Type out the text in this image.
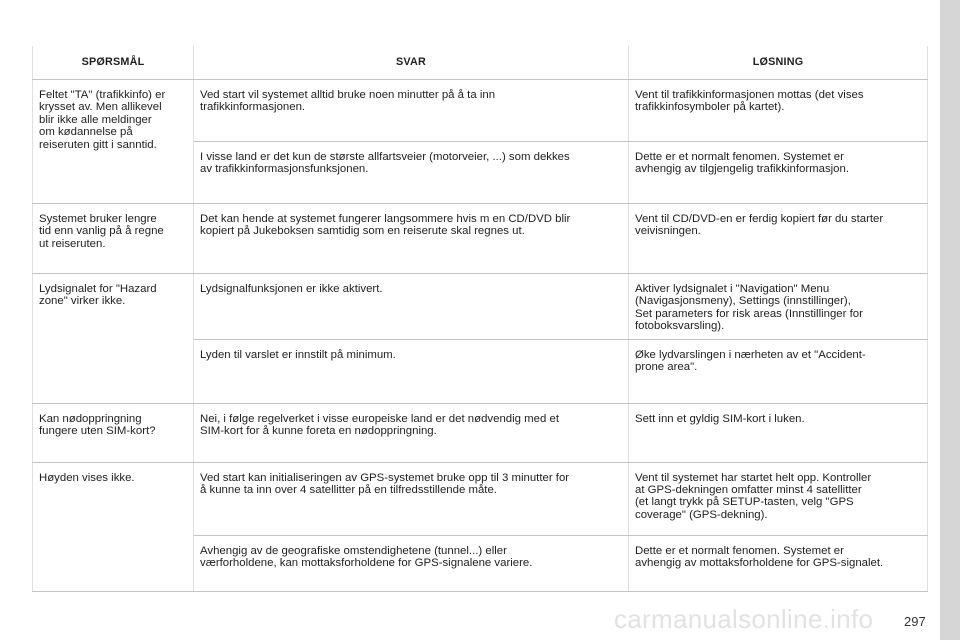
SPØRSMÅL	SVAR	LØSNING

Feltet "TA" (trafikkinfo) er
krysset av. Men allikevel
blir ikke alle meldinger
om kødannelse på
reiseruten gitt i sanntid.	Ved start vil systemet alltid bruke noen minutter på å ta inn
trafikkinformasjonen.	Vent til trafikkinformasjonen mottas (det vises
trafikkinfosymboler på kartet).

	I visse land er det kun de største allfartsveier (motorveier, ...) som dekkes
av trafikkinformasjonsfunksjonen.	Dette er et normalt fenomen. Systemet er
avhengig av tilgjengelig trafikkinformasjon.

Systemet bruker lengre
tid enn vanlig på å regne
ut reiseruten.	Det kan hende at systemet fungerer langsommere hvis m en CD/DVD blir
kopiert på Jukeboksen samtidig som en reiserute skal regnes ut.	Vent til CD/DVD-en er ferdig kopiert før du starter
veivisningen.

Lydsignalet for "Hazard
zone" virker ikke.	Lydsignalfunksjonen er ikke aktivert.	Aktiver lydsignalet i "Navigation" Menu
(Navigasjonsmeny), Settings (innstillinger),
Set parameters for risk areas (Innstillinger for
fotoboksvarsling).

	Lyden til varslet er innstilt på minimum.	Øke lydvarslingen i nærheten av et "Accident-
prone area".

Kan nødoppringning
fungere uten SIM-kort?	Nei, i følge regelverket i visse europeiske land er det nødvendig med et
SIM-kort for å kunne foreta en nødoppringning.	Sett inn et gyldig SIM-kort i luken.

Høyden vises ikke.	Ved start kan initialiseringen av GPS-systemet bruke opp til 3 minutter for
å kunne ta inn over 4 satellitter på en tilfredsstillende måte.	Vent til systemet har startet helt opp. Kontroller
at GPS-dekningen omfatter minst 4 satellitter
(et langt trykk på SETUP-tasten, velg "GPS
coverage" (GPS-dekning).

	Avhengig av de geografiske omstendighetene (tunnel...) eller
værforholdene, kan mottaksforholdene for GPS-signalene variere.	Dette er et normalt fenomen. Systemet er
avhengig av mottaksforholdene for GPS-signalet.
carmanualsonline.info 297
